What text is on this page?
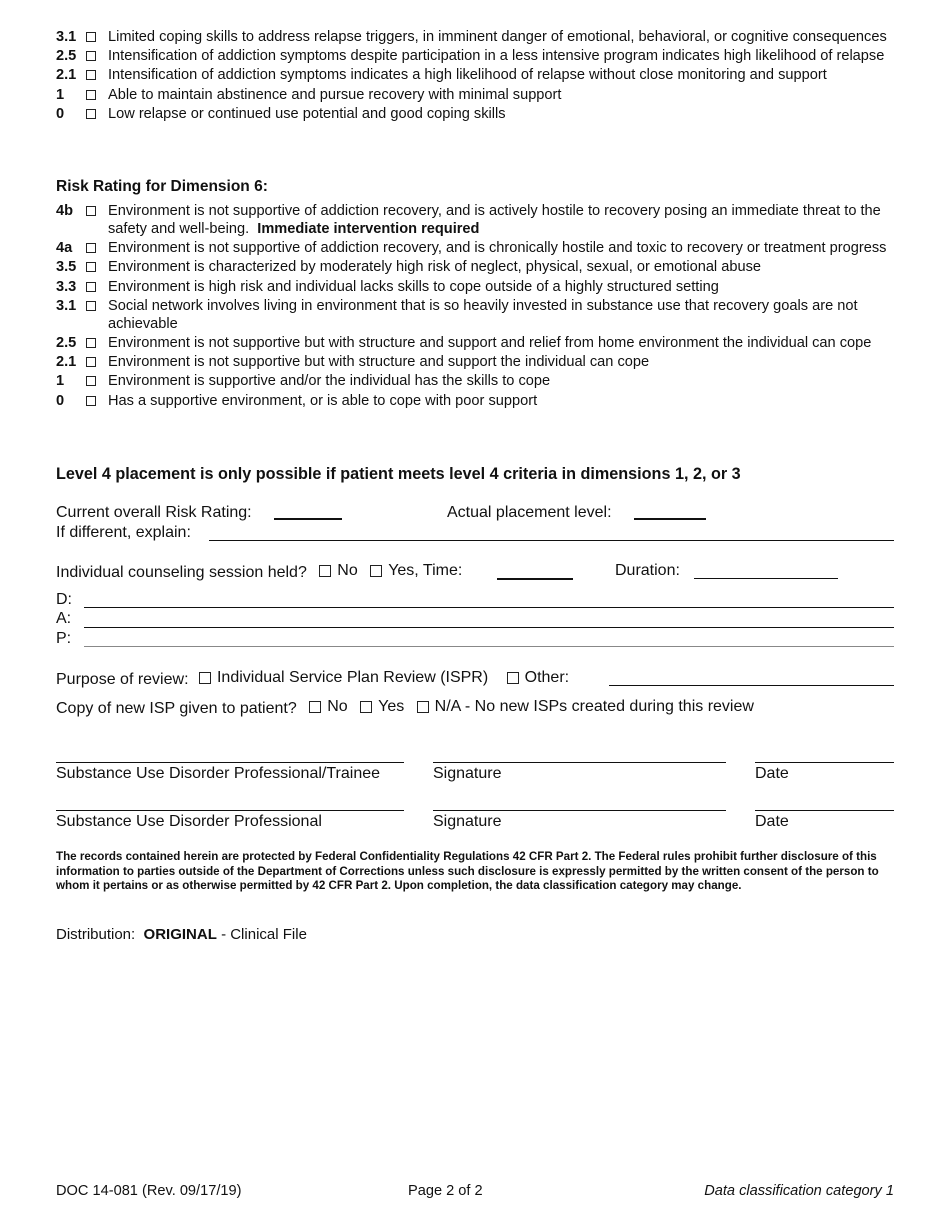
3.1	Limited coping skills to address relapse triggers, in imminent danger of emotional, behavioral, or cognitive consequences
2.5	Intensification of addiction symptoms despite participation in a less intensive program indicates high likelihood of relapse
2.1	Intensification of addiction symptoms indicates a high likelihood of relapse without close monitoring and support
1	Able to maintain abstinence and pursue recovery with minimal support
0	Low relapse or continued use potential and good coping skills
Risk Rating for Dimension 6:
4b	Environment is not supportive of addiction recovery, and is actively hostile to recovery posing an immediate threat to the safety and well-being. Immediate intervention required
4a	Environment is not supportive of addiction recovery, and is chronically hostile and toxic to recovery or treatment progress
3.5	Environment is characterized by moderately high risk of neglect, physical, sexual, or emotional abuse
3.3	Environment is high risk and individual lacks skills to cope outside of a highly structured setting
3.1	Social network involves living in environment that is so heavily invested in substance use that recovery goals are not achievable
2.5	Environment is not supportive but with structure and support and relief from home environment the individual can cope
2.1	Environment is not supportive but with structure and support the individual can cope
1	Environment is supportive and/or the individual has the skills to cope
0	Has a supportive environment, or is able to cope with poor support
Level 4 placement is only possible if patient meets level 4 criteria in dimensions 1, 2, or 3
Current overall Risk Rating:	Actual placement level:
If different, explain:
Individual counseling session held? No
Yes, Time:	Duration:
D:
A:
P:
Purpose of review: Individual Service Plan Review (ISPR)
Other:
Copy of new ISP given to patient? No
Yes
N/A - No new ISPs created during this review
Substance Use Disorder Professional/Trainee	Signature	Date
Substance Use Disorder Professional	Signature	Date
The records contained herein are protected by Federal Confidentiality Regulations 42 CFR Part 2. The Federal rules prohibit further disclosure of this information to parties outside of the Department of Corrections unless such disclosure is expressly permitted by the written consent of the person to whom it pertains or as otherwise permitted by 42 CFR Part 2. Upon completion, the data classification category may change.
Distribution: ORIGINAL - Clinical File
DOC 14-081 (Rev. 09/17/19)	Page 2 of 2	Data classification category 1
